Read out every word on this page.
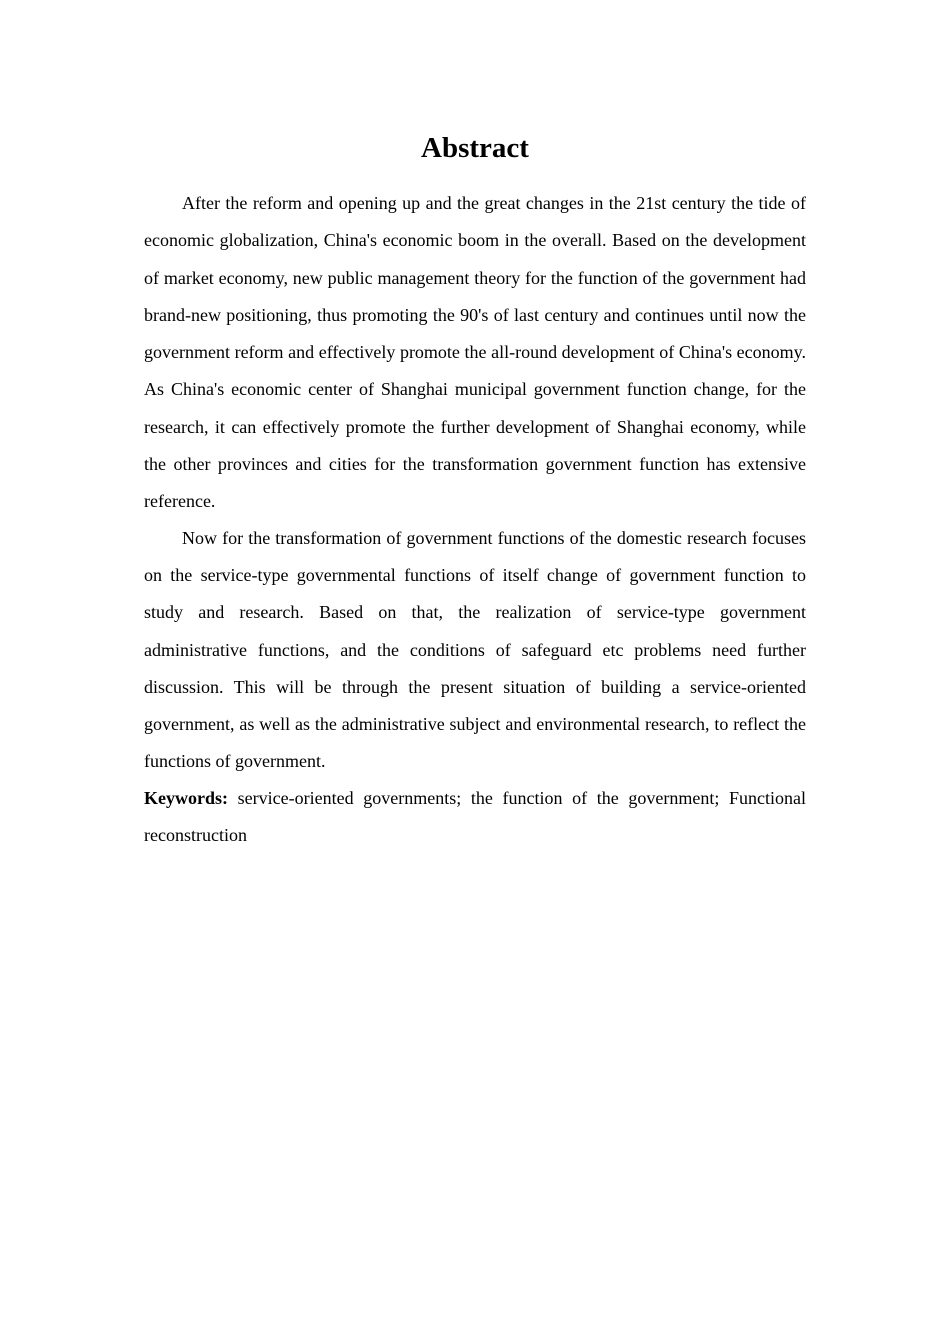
Abstract

After the reform and opening up and the great changes in the 21st century the tide of economic globalization, China's economic boom in the overall. Based on the development of market economy, new public management theory for the function of the government had brand-new positioning, thus promoting the 90's of last century and continues until now the government reform and effectively promote the all-round development of China's economy. As China's economic center of Shanghai municipal government function change, for the research, it can effectively promote the further development of Shanghai economy, while the other provinces and cities for the transformation government function has extensive reference.

Now for the transformation of government functions of the domestic research focuses on the service-type governmental functions of itself change of government function to study and research. Based on that, the realization of service-type government administrative functions, and the conditions of safeguard etc problems need further discussion. This will be through the present situation of building a service-oriented government, as well as the administrative subject and environmental research, to reflect the functions of government.

Keywords: service-oriented governments; the function of the government; Functional reconstruction
